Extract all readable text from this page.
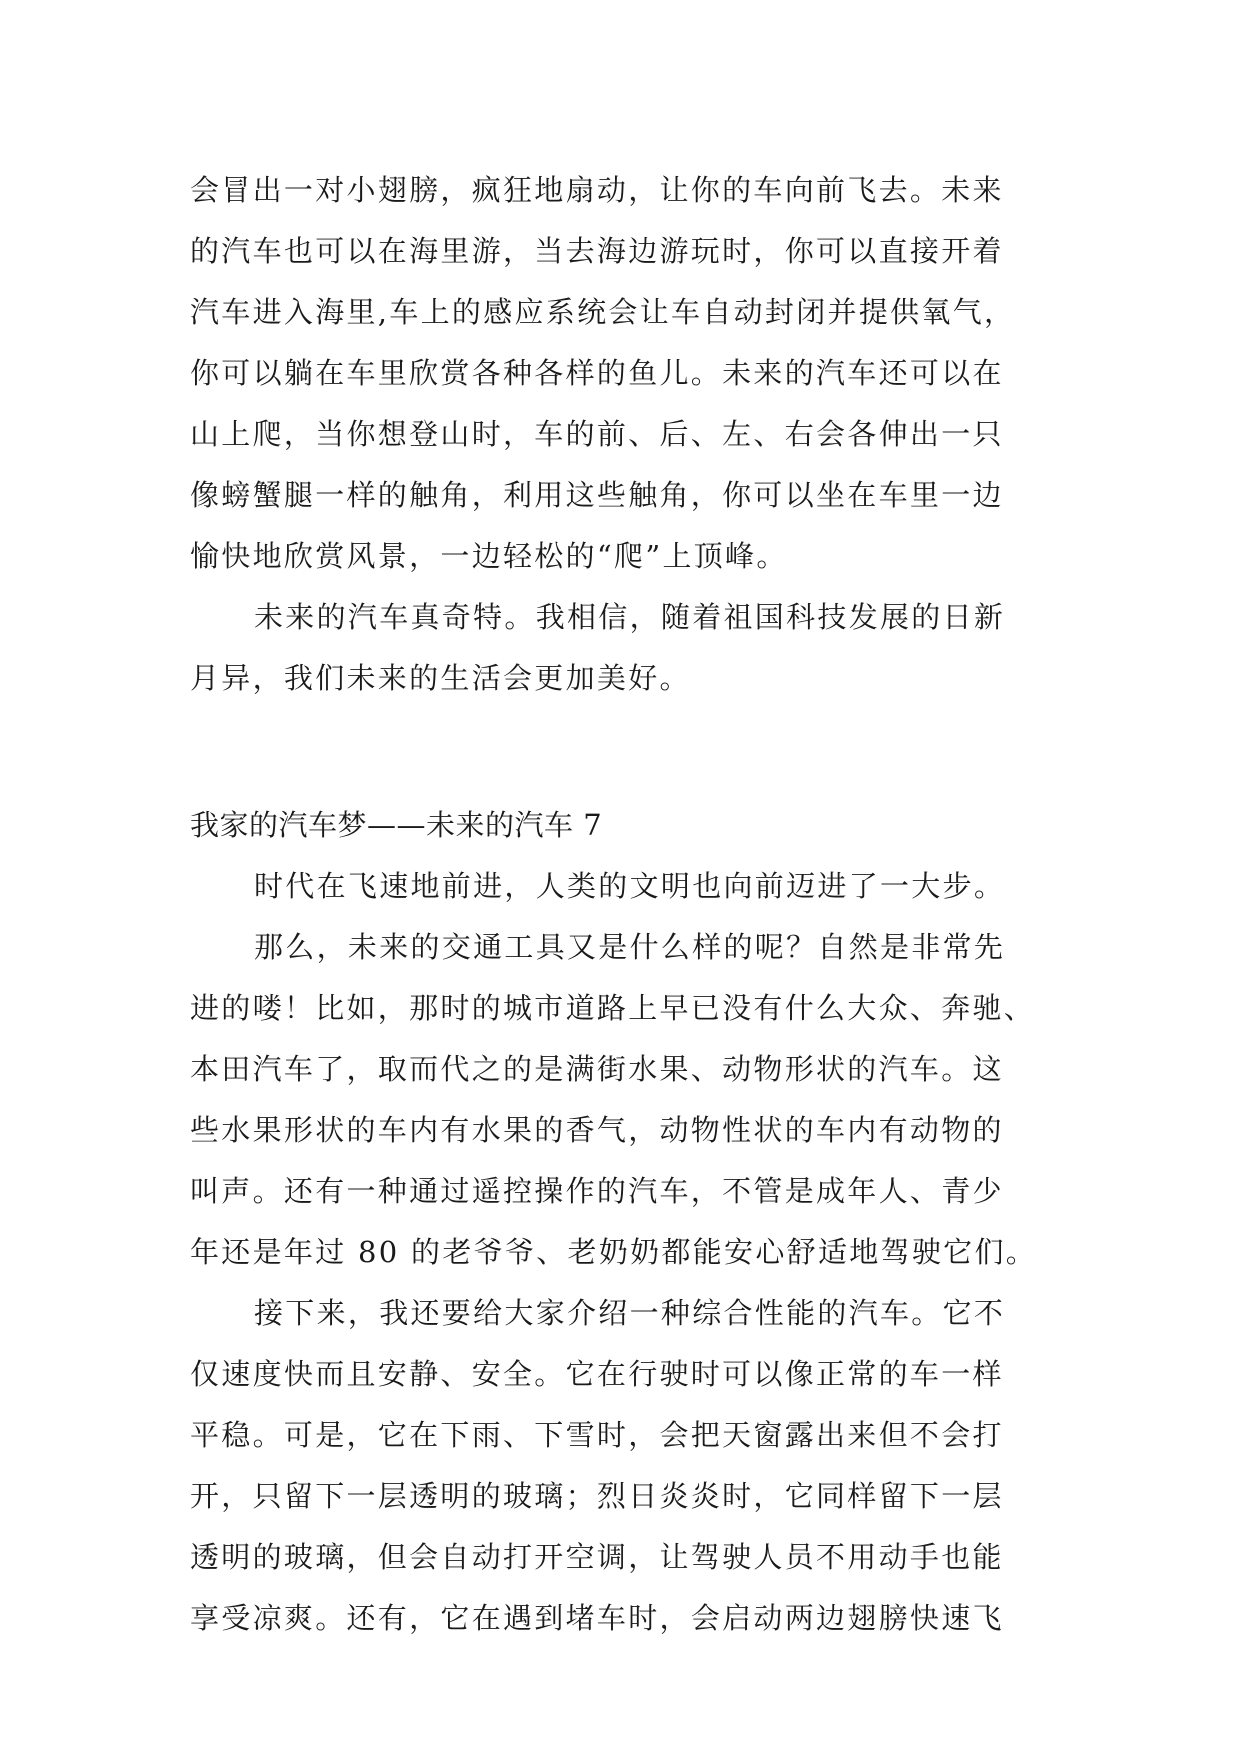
会冒出一对小翅膀，疯狂地扇动，让你的车向前飞去。未来
的汽车也可以在海里游，当去海边游玩时，你可以直接开着
汽车进入海里,车上的感应系统会让车自动封闭并提供氧气，
你可以躺在车里欣赏各种各样的鱼儿。未来的汽车还可以在
山上爬，当你想登山时，车的前、后、左、右会各伸出一只
像螃蟹腿一样的触角，利用这些触角，你可以坐在车里一边
愉快地欣赏风景，一边轻松的“爬”上顶峰。
未来的汽车真奇特。我相信，随着祖国科技发展的日新
月异，我们未来的生活会更加美好。
我家的汽车梦——未来的汽车 7
时代在飞速地前进，人类的文明也向前迈进了一大步。
那么，未来的交通工具又是什么样的呢？自然是非常先
进的喽！比如，那时的城市道路上早已没有什么大众、奔驰、
本田汽车了，取而代之的是满街水果、动物形状的汽车。这
些水果形状的车内有水果的香气，动物性状的车内有动物的
叫声。还有一种通过遥控操作的汽车，不管是成年人、青少
年还是年过 80 的老爷爷、老奶奶都能安心舒适地驾驶它们。
接下来，我还要给大家介绍一种综合性能的汽车。它不
仅速度快而且安静、安全。它在行驶时可以像正常的车一样
平稳。可是，它在下雨、下雪时，会把天窗露出来但不会打
开，只留下一层透明的玻璃；烈日炎炎时，它同样留下一层
透明的玻璃，但会自动打开空调，让驾驶人员不用动手也能
享受凉爽。还有，它在遇到堵车时，会启动两边翅膀快速飞
